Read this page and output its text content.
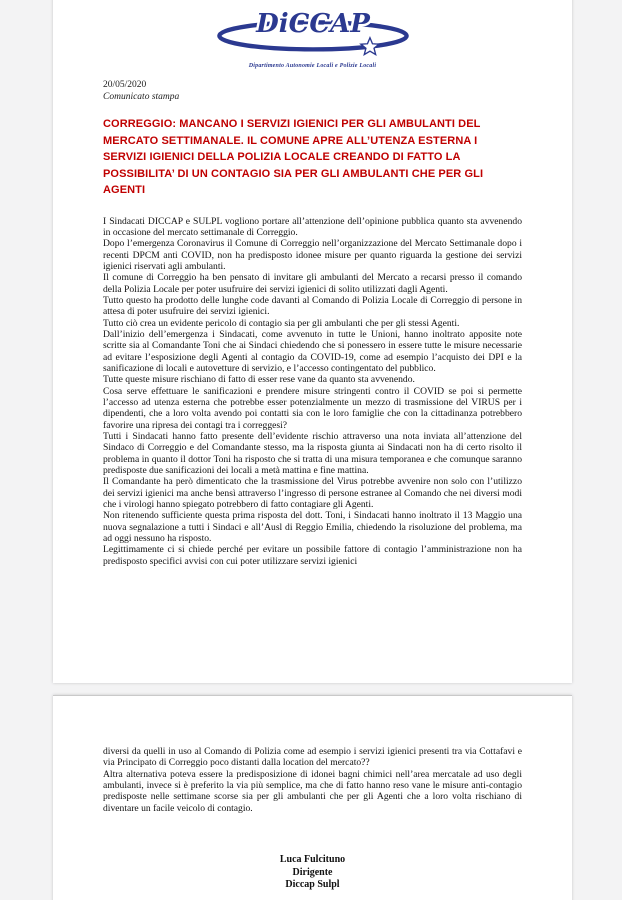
DiCCAP
Dipartimento Autonomie Locali e Polizie Locali
20/05/2020
Comunicato stampa
CORREGGIO: MANCANO I SERVIZI IGIENICI PER GLI AMBULANTI DEL MERCATO SETTIMANALE. IL COMUNE APRE ALL’UTENZA ESTERNA I SERVIZI IGIENICI DELLA POLIZIA LOCALE CREANDO DI FATTO LA POSSIBILITA’ DI UN CONTAGIO SIA PER GLI AMBULANTI CHE PER GLI AGENTI

I Sindacati DICCAP e SULPL vogliono portare all’attenzione dell’opinione pubblica quanto sta avvenendo in occasione del mercato settimanale di Correggio.

Dopo l’emergenza Coronavirus il Comune di Correggio nell’organizzazione del Mercato Settimanale dopo i recenti DPCM anti COVID, non ha predisposto idonee misure per quanto riguarda la gestione dei servizi igienici riservati agli ambulanti.

Il comune di Correggio ha ben pensato di invitare gli ambulanti del Mercato a recarsi presso il comando della Polizia Locale per poter usufruire dei servizi igienici di solito utilizzati dagli Agenti.

Tutto questo ha prodotto delle lunghe code davanti al Comando di Polizia Locale di Correggio di persone in attesa di poter usufruire dei servizi igienici.

Tutto ciò crea un evidente pericolo di contagio sia per gli ambulanti che per gli stessi Agenti.

Dall’inizio dell’emergenza i Sindacati, come avvenuto in tutte le Unioni, hanno inoltrato apposite note scritte sia al Comandante Toni che ai Sindaci chiedendo che si ponessero in essere tutte le misure necessarie ad evitare l’esposizione degli Agenti al contagio da COVID-19, come ad esempio l’acquisto dei DPI e la sanificazione di locali e autovetture di servizio, e l’accesso contingentato del pubblico.

Tutte queste misure rischiano di fatto di esser rese vane da quanto sta avvenendo.

Cosa serve effettuare le sanificazioni e prendere misure stringenti contro il COVID se poi si permette l’accesso ad utenza esterna che potrebbe esser potenzialmente un mezzo di trasmissione del VIRUS per i dipendenti, che a loro volta avendo poi contatti sia con le loro famiglie che con la cittadinanza potrebbero favorire una ripresa dei contagi tra i correggesi?

Tutti i Sindacati hanno fatto presente dell’evidente rischio attraverso una nota inviata all’attenzione del Sindaco di Correggio e del Comandante stesso, ma la risposta giunta ai Sindacati non ha di certo risolto il problema in quanto il dottor Toni ha risposto che si tratta di una misura temporanea e che comunque saranno predisposte due sanificazioni dei locali a metà mattina e fine mattina.

Il Comandante ha però dimenticato che la trasmissione del Virus potrebbe avvenire non solo con l’utilizzo dei servizi igienici ma anche bensì attraverso l’ingresso di persone estranee al Comando che nei diversi modi che i virologi hanno spiegato potrebbero di fatto contagiare gli Agenti.

Non ritenendo sufficiente questa prima risposta del dott. Toni, i Sindacati hanno inoltrato il 13 Maggio una nuova segnalazione a tutti i Sindaci e all’Ausl di Reggio Emilia, chiedendo la risoluzione del problema, ma ad oggi nessuno ha risposto.

Legittimamente ci si chiede perché per evitare un possibile fattore di contagio l’amministrazione non ha predisposto specifici avvisi con cui poter utilizzare servizi igienici

diversi da quelli in uso al Comando di Polizia come ad esempio i servizi igienici presenti tra via Cottafavi e via Principato di Correggio poco distanti dalla location del mercato??

Altra alternativa poteva essere la predisposizione di idonei bagni chimici nell’area mercatale ad uso degli ambulanti, invece si è preferito la via più semplice, ma che di fatto hanno reso vane le misure anti-contagio predisposte nelle settimane scorse sia per gli ambulanti che per gli Agenti che a loro volta rischiano di diventare un facile veicolo di contagio.

Luca Fulcituno
Dirigente
Diccap Sulpl
